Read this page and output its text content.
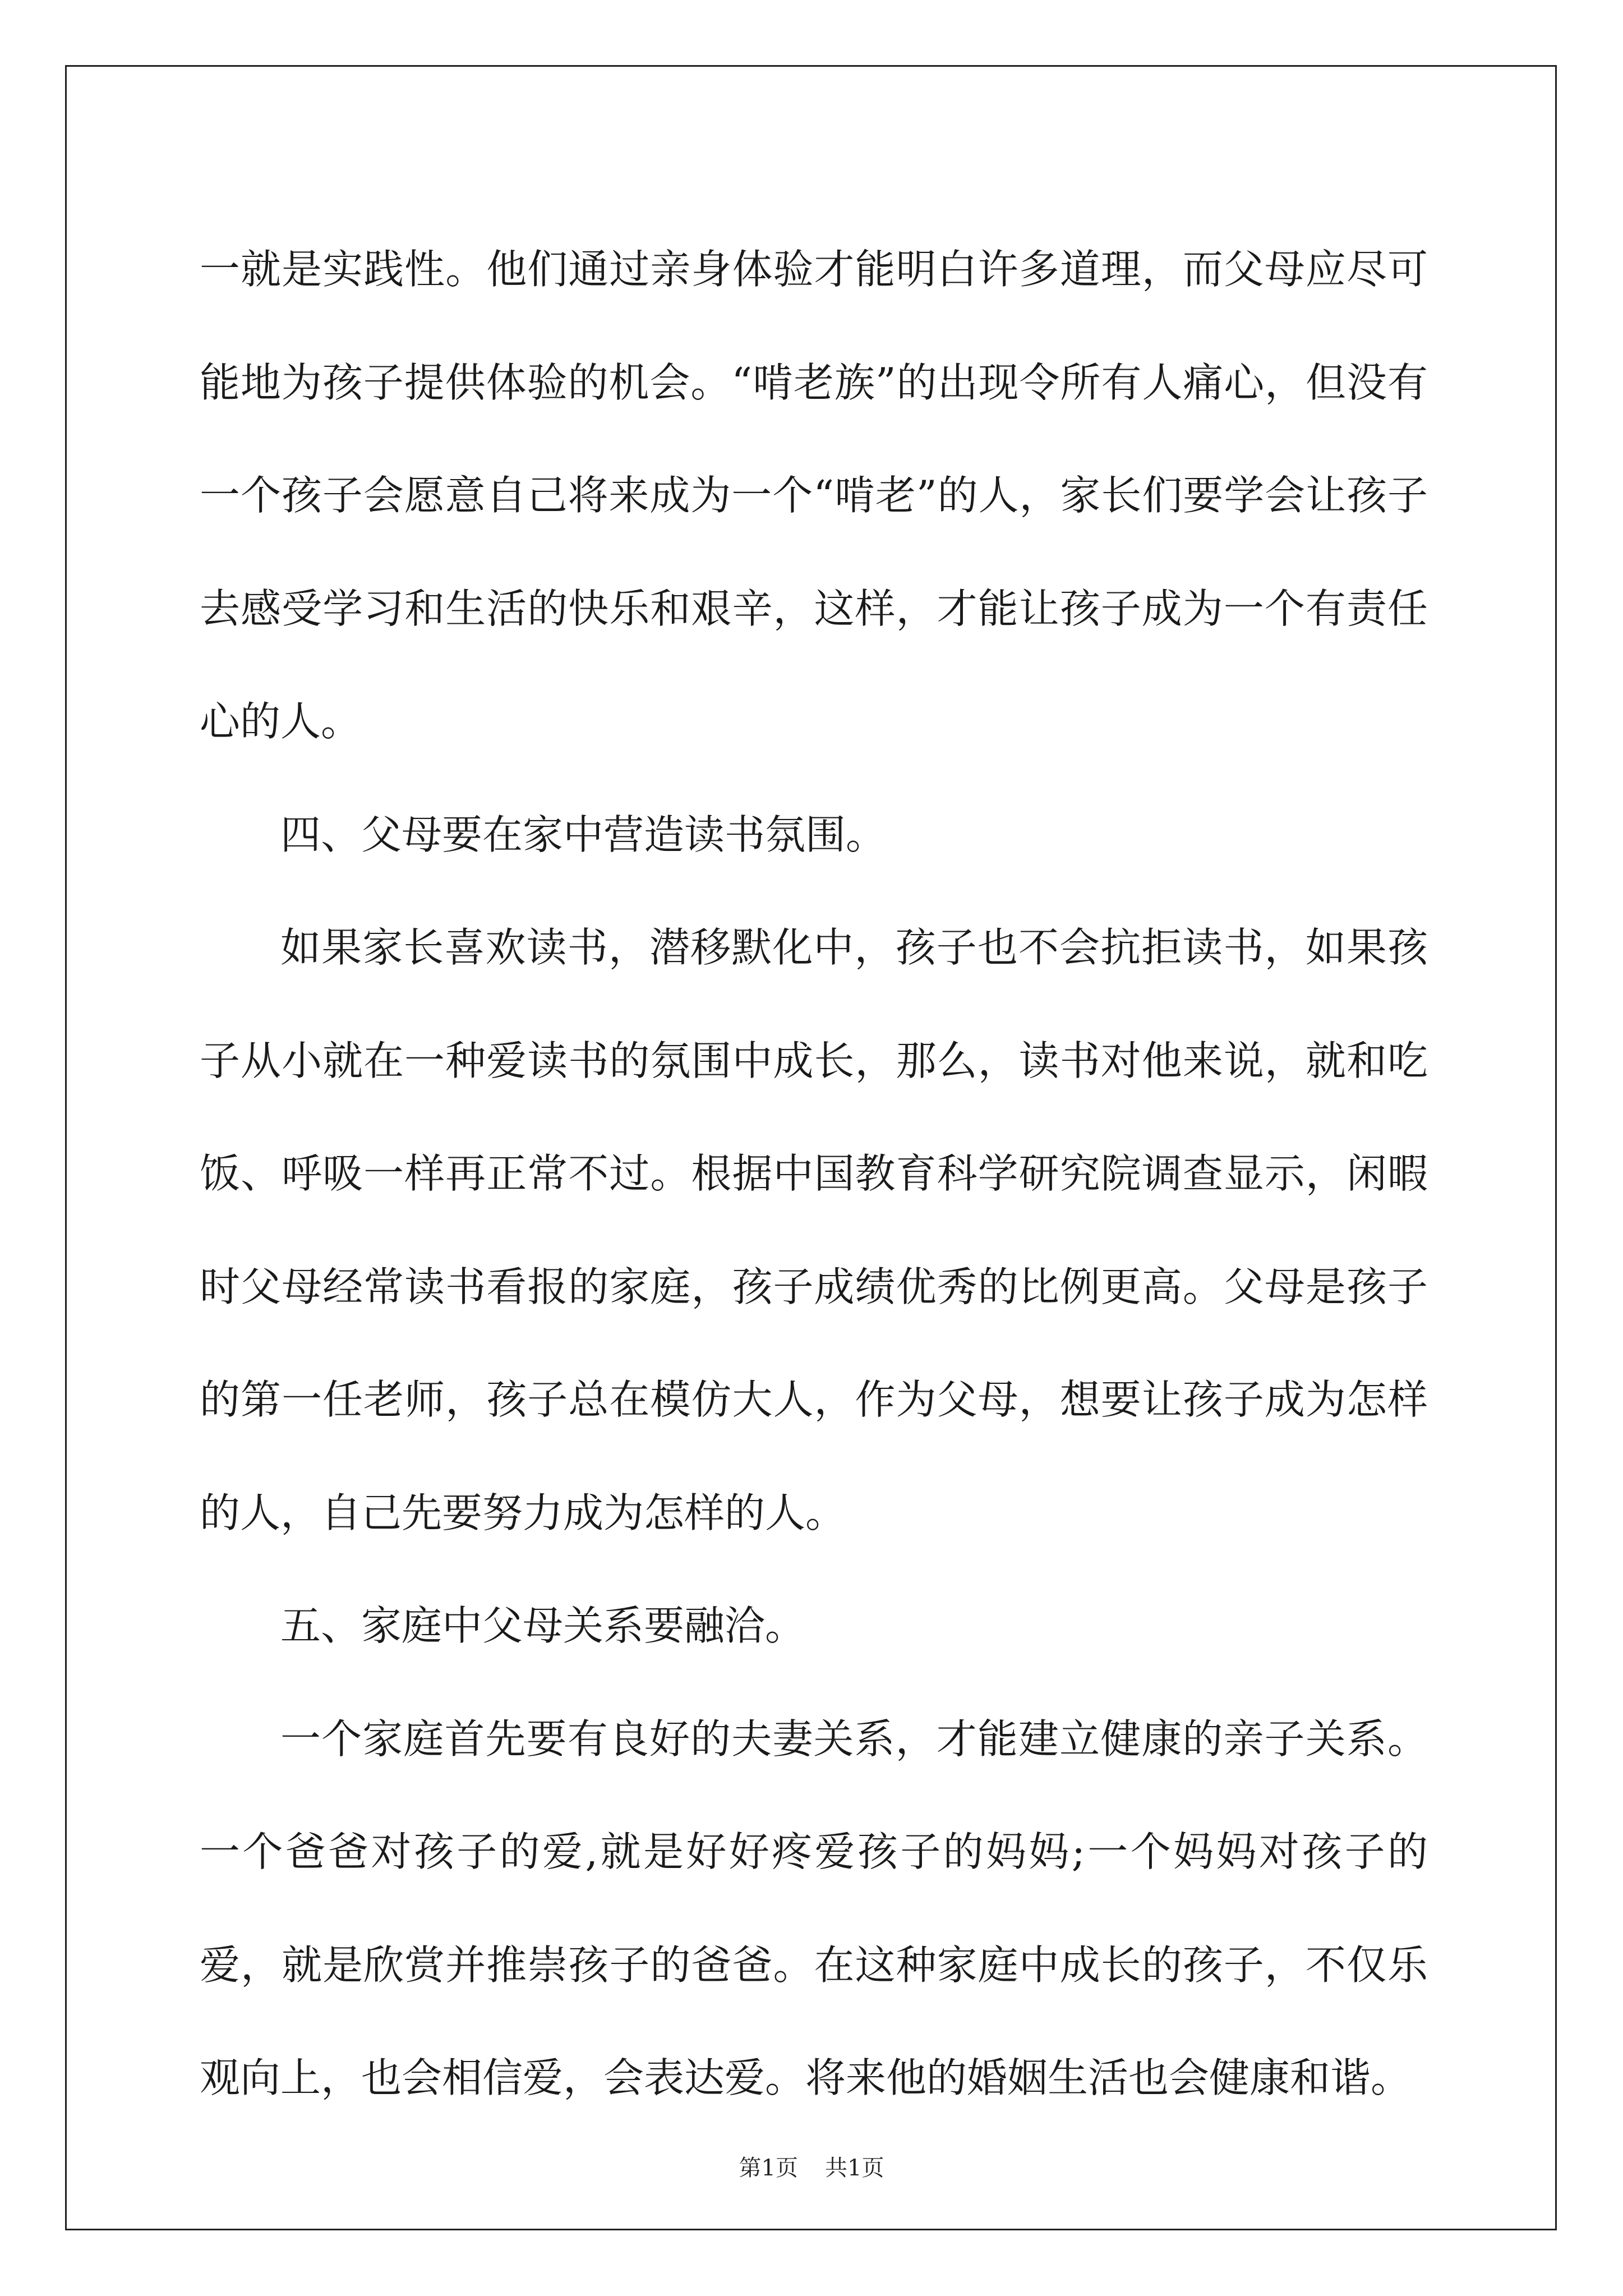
一就是实践性。他们通过亲身体验才能明白许多道理，而父母应尽可能地为孩子提供体验的机会。“啃老族”的出现令所有人痛心，但没有一个孩子会愿意自己将来成为一个“啃老”的人，家长们要学会让孩子去感受学习和生活的快乐和艰辛，这样，才能让孩子成为一个有责任心的人。

四、父母要在家中营造读书氛围。

如果家长喜欢读书，潜移默化中，孩子也不会抗拒读书，如果孩子从小就在一种爱读书的氛围中成长，那么，读书对他来说，就和吃饭、呼吸一样再正常不过。根据中国教育科学研究院调查显示，闲暇时父母经常读书看报的家庭，孩子成绩优秀的比例更高。父母是孩子的第一任老师，孩子总在模仿大人，作为父母，想要让孩子成为怎样的人，自己先要努力成为怎样的人。

五、家庭中父母关系要融洽。

一个家庭首先要有良好的夫妻关系，才能建立健康的亲子关系。一个爸爸对孩子的爱,就是好好疼爱孩子的妈妈;一个妈妈对孩子的爱，就是欣赏并推崇孩子的爸爸。在这种家庭中成长的孩子，不仅乐观向上，也会相信爱，会表达爱。将来他的婚姻生活也会健康和谐。

第1页 共1页
